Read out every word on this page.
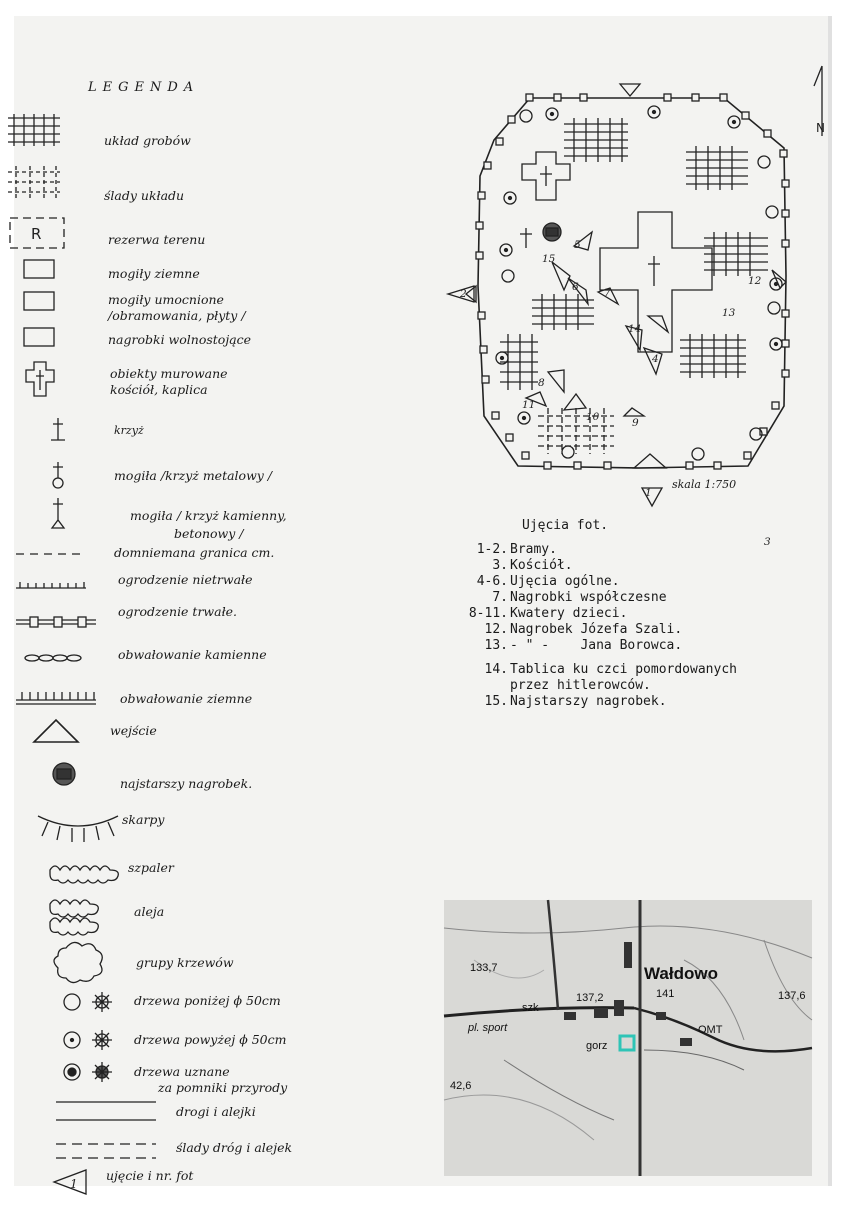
LEGENDA
R
1
układ grobów
ślady układu
rezerwa terenu
mogiły ziemne
mogiły umocnione
/obramowania, płyty /
nagrobki wolnostojące
obiekty murowane
kościół, kaplica
krzyż
mogiła /krzyż metalowy /
mogiła / krzyż kamienny,
betonowy /
domniemana granica cm.
ogrodzenie nietrwałe
ogrodzenie trwałe.
obwałowanie kamienne
obwałowanie ziemne
wejście
najstarszy nagrobek.
skarpy
szpaler
aleja
grupy krzewów
drzewa poniżej ϕ 50cm
drzewa powyżej ϕ 50cm
drzewa uznane
za pomniki przyrody
drogi i alejki
ślady dróg i alejek
ujęcie i nr. fot
1
2
3
4
5
6 7
8
9
10
11
12
13
14
15
N
skala 1:750
Ujęcia fot.
1-2. Bramy.
3. Kościół.
4-6. Ujęcia ogólne.
7. Nagrobki współczesne
8-11. Kwatery dzieci.
12. Nagrobek Józefa Szali.
13. - " -    Jana Borowca.
14. Tablica ku czci pomordowanych
przez hitlerowców.
15. Najstarszy nagrobek.
133,7
szk
137,2
Wałdowo
141	137,6
pl. sport	OMT
gorz
42,6
